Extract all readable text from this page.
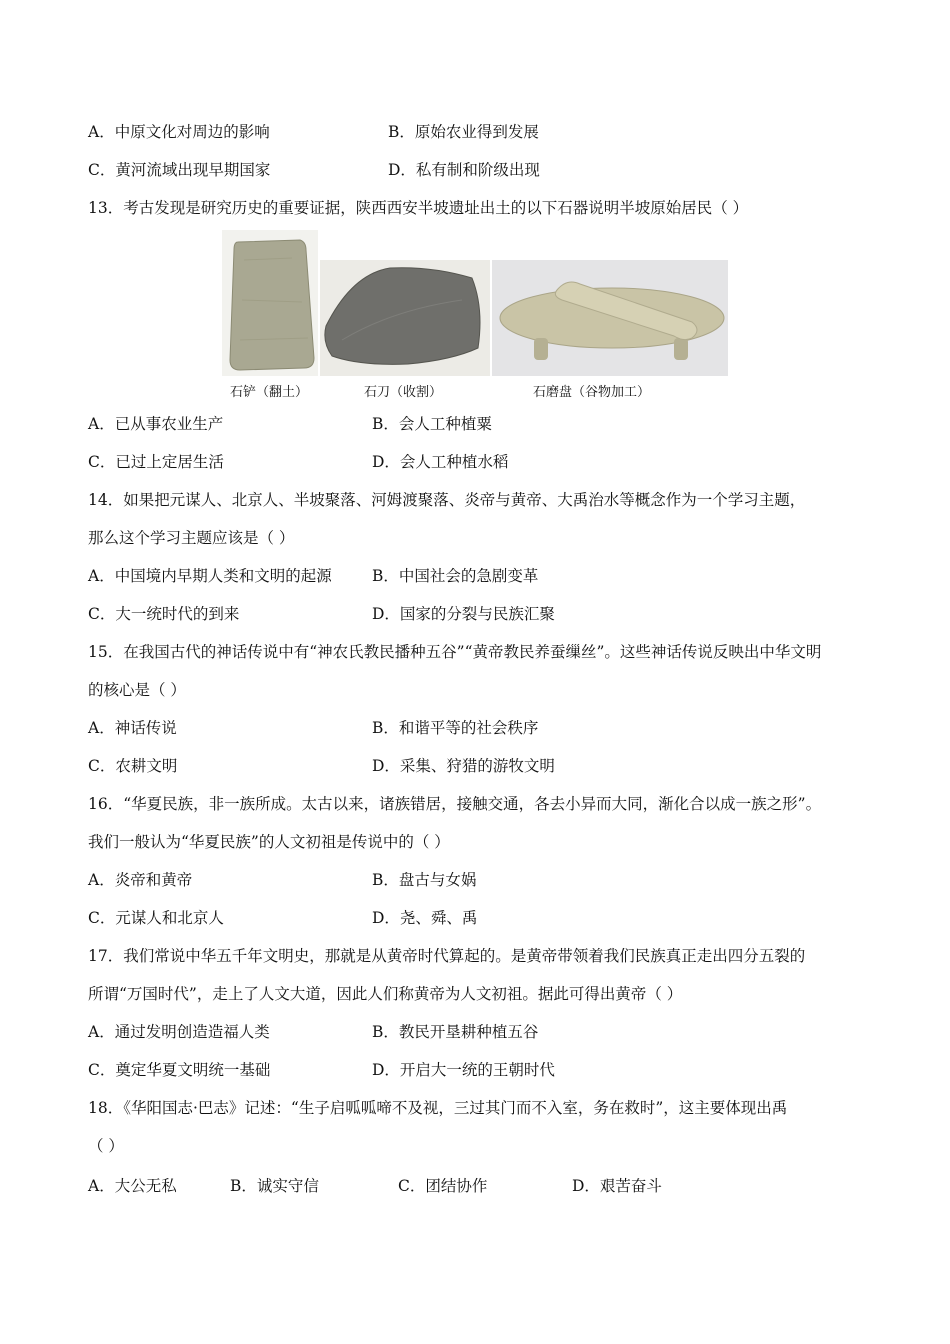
A．中原文化对周边的影响	B．原始农业得到发展
C．黄河流域出现早期国家	D．私有制和阶级出现
13．考古发现是研究历史的重要证据，陕西西安半坡遗址出土的以下石器说明半坡原始居民（ ）
石铲（翻土）	石刀（收割）	石磨盘（谷物加工）
A．已从事农业生产	B．会人工种植粟
C．已过上定居生活	D．会人工种植水稻
14．如果把元谋人、北京人、半坡聚落、河姆渡聚落、炎帝与黄帝、大禹治水等概念作为一个学习主题，
那么这个学习主题应该是（ ）
A．中国境内早期人类和文明的起源	B．中国社会的急剧变革
C．大一统时代的到来	D．国家的分裂与民族汇聚
15．在我国古代的神话传说中有“神农氏教民播种五谷”“黄帝教民养蚕缫丝”。这些神话传说反映出中华文明
的核心是（ ）
A．神话传说	B．和谐平等的社会秩序
C．农耕文明	D．采集、狩猎的游牧文明
16．“华夏民族，非一族所成。太古以来，诸族错居，接触交通，各去小异而大同，渐化合以成一族之形”。
我们一般认为“华夏民族”的人文初祖是传说中的（ ）
A．炎帝和黄帝	B．盘古与女娲
C．元谋人和北京人	D．尧、舜、禹
17．我们常说中华五千年文明史，那就是从黄帝时代算起的。是黄帝带领着我们民族真正走出四分五裂的
所谓“万国时代”，走上了人文大道，因此人们称黄帝为人文初祖。据此可得出黄帝（ ）
A．通过发明创造造福人类	B．教民开垦耕种植五谷
C．奠定华夏文明统一基础	D．开启大一统的王朝时代
18．《华阳国志·巴志》记述：“生子启呱呱啼不及视，三过其门而不入室，务在救时”，这主要体现出禹
（ ）
A．大公无私	B．诚实守信	C．团结协作	D．艰苦奋斗
